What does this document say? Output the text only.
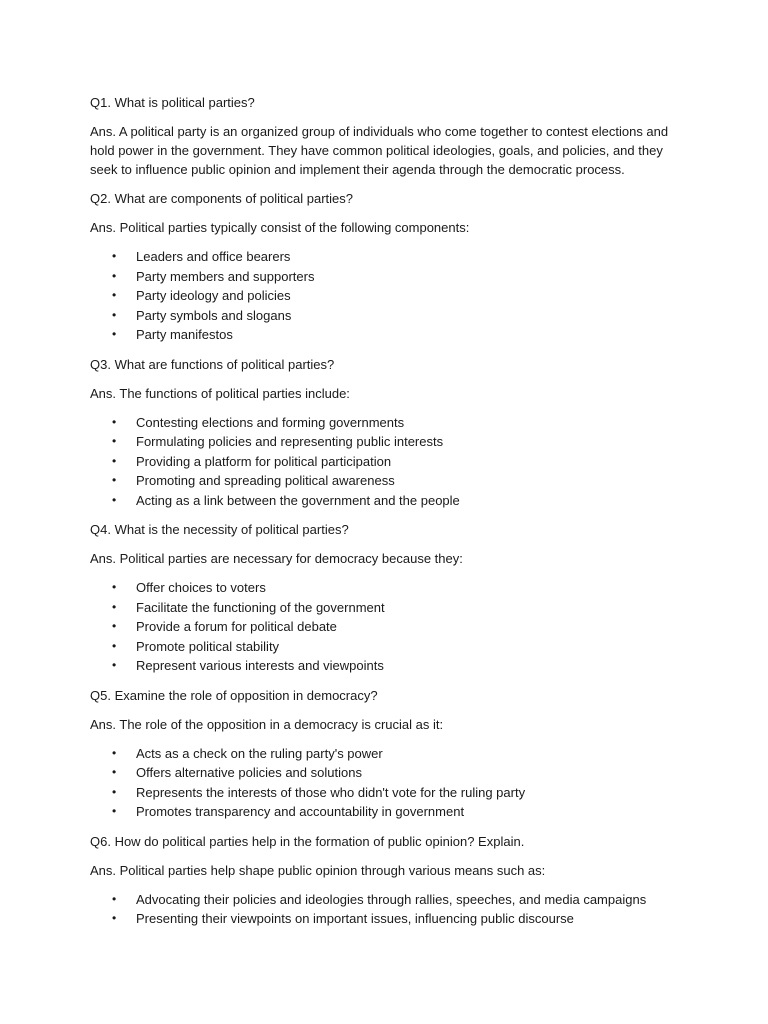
Q1. What is political parties?

Ans. A political party is an organized group of individuals who come together to contest elections and hold power in the government. They have common political ideologies, goals, and policies, and they seek to influence public opinion and implement their agenda through the democratic process.

Q2. What are components of political parties?

Ans. Political parties typically consist of the following components:

• Leaders and office bearers
• Party members and supporters
• Party ideology and policies
• Party symbols and slogans
• Party manifestos

Q3. What are functions of political parties?

Ans. The functions of political parties include:

• Contesting elections and forming governments
• Formulating policies and representing public interests
• Providing a platform for political participation
• Promoting and spreading political awareness
• Acting as a link between the government and the people

Q4. What is the necessity of political parties?

Ans. Political parties are necessary for democracy because they:

• Offer choices to voters
• Facilitate the functioning of the government
• Provide a forum for political debate
• Promote political stability
• Represent various interests and viewpoints

Q5. Examine the role of opposition in democracy?

Ans. The role of the opposition in a democracy is crucial as it:

• Acts as a check on the ruling party's power
• Offers alternative policies and solutions
• Represents the interests of those who didn't vote for the ruling party
• Promotes transparency and accountability in government

Q6. How do political parties help in the formation of public opinion? Explain.

Ans. Political parties help shape public opinion through various means such as:

• Advocating their policies and ideologies through rallies, speeches, and media campaigns
• Presenting their viewpoints on important issues, influencing public discourse
